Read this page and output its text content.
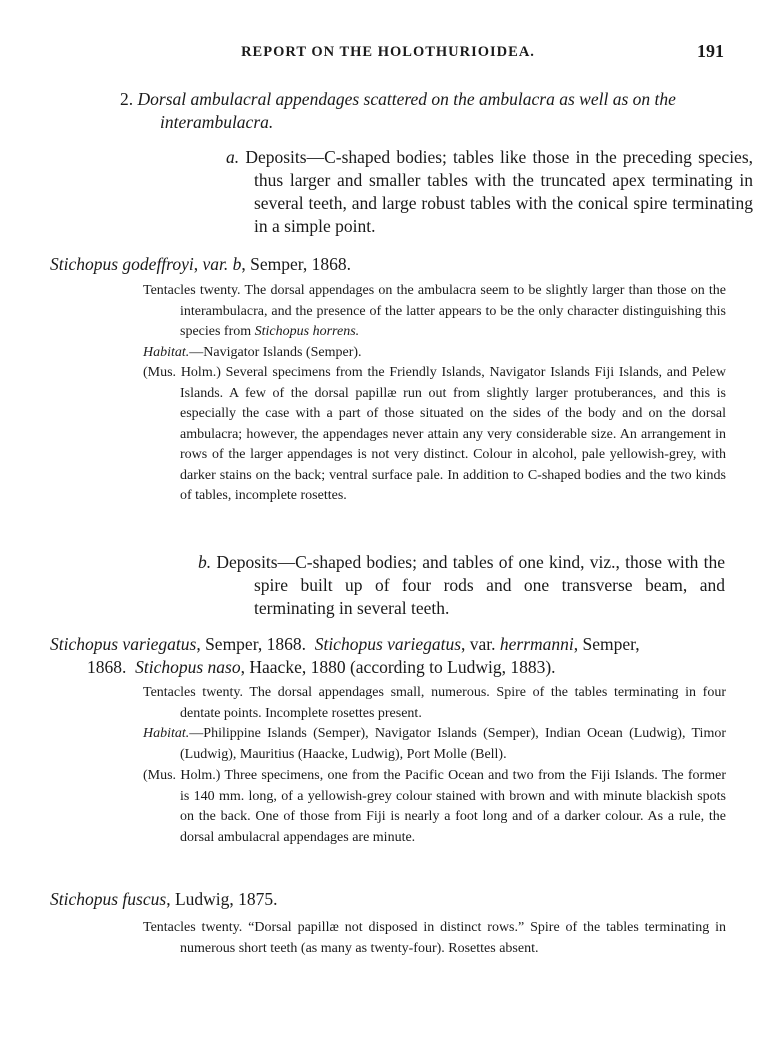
REPORT ON THE HOLOTHURIOIDEA.	191
2. Dorsal ambulacral appendages scattered on the ambulacra as well as on the
interambulacra.
a. Deposits—C-shaped bodies; tables like those in the preceding species, thus larger and smaller tables with the truncated apex terminating in several teeth, and large robust tables with the conical spire terminating in a simple point.
Stichopus godeffroyi, var. b, Semper, 1868.
Tentacles twenty. The dorsal appendages on the ambulacra seem to be slightly larger than those on the interambulacra, and the presence of the latter appears to be the only character distinguishing this species from Stichopus horrens.
Habitat.—Navigator Islands (Semper).
(Mus. Holm.) Several specimens from the Friendly Islands, Navigator Islands Fiji Islands, and Pelew Islands. A few of the dorsal papillæ run out from slightly larger protuberances, and this is especially the case with a part of those situated on the sides of the body and on the dorsal ambulacra; however, the appendages never attain any very considerable size. An arrangement in rows of the larger appendages is not very distinct. Colour in alcohol, pale yellowish-grey, with darker stains on the back; ventral surface pale. In addition to C-shaped bodies and the two kinds of tables, incomplete rosettes.
b. Deposits—C-shaped bodies; and tables of one kind, viz., those with the spire built up of four rods and one transverse beam, and terminating in several teeth.
Stichopus variegatus, Semper, 1868. Stichopus variegatus, var. herrmanni, Semper,
1868. Stichopus naso, Haacke, 1880 (according to Ludwig, 1883).
Tentacles twenty. The dorsal appendages small, numerous. Spire of the tables terminating in four dentate points. Incomplete rosettes present.
Habitat.—Philippine Islands (Semper), Navigator Islands (Semper), Indian Ocean (Ludwig), Timor (Ludwig), Mauritius (Haacke, Ludwig), Port Molle (Bell).
(Mus. Holm.) Three specimens, one from the Pacific Ocean and two from the Fiji Islands. The former is 140 mm. long, of a yellowish-grey colour stained with brown and with minute blackish spots on the back. One of those from Fiji is nearly a foot long and of a darker colour. As a rule, the dorsal ambulacral appendages are minute.
Stichopus fuscus, Ludwig, 1875.
Tentacles twenty. “Dorsal papillæ not disposed in distinct rows.” Spire of the tables terminating in numerous short teeth (as many as twenty-four). Rosettes absent.
